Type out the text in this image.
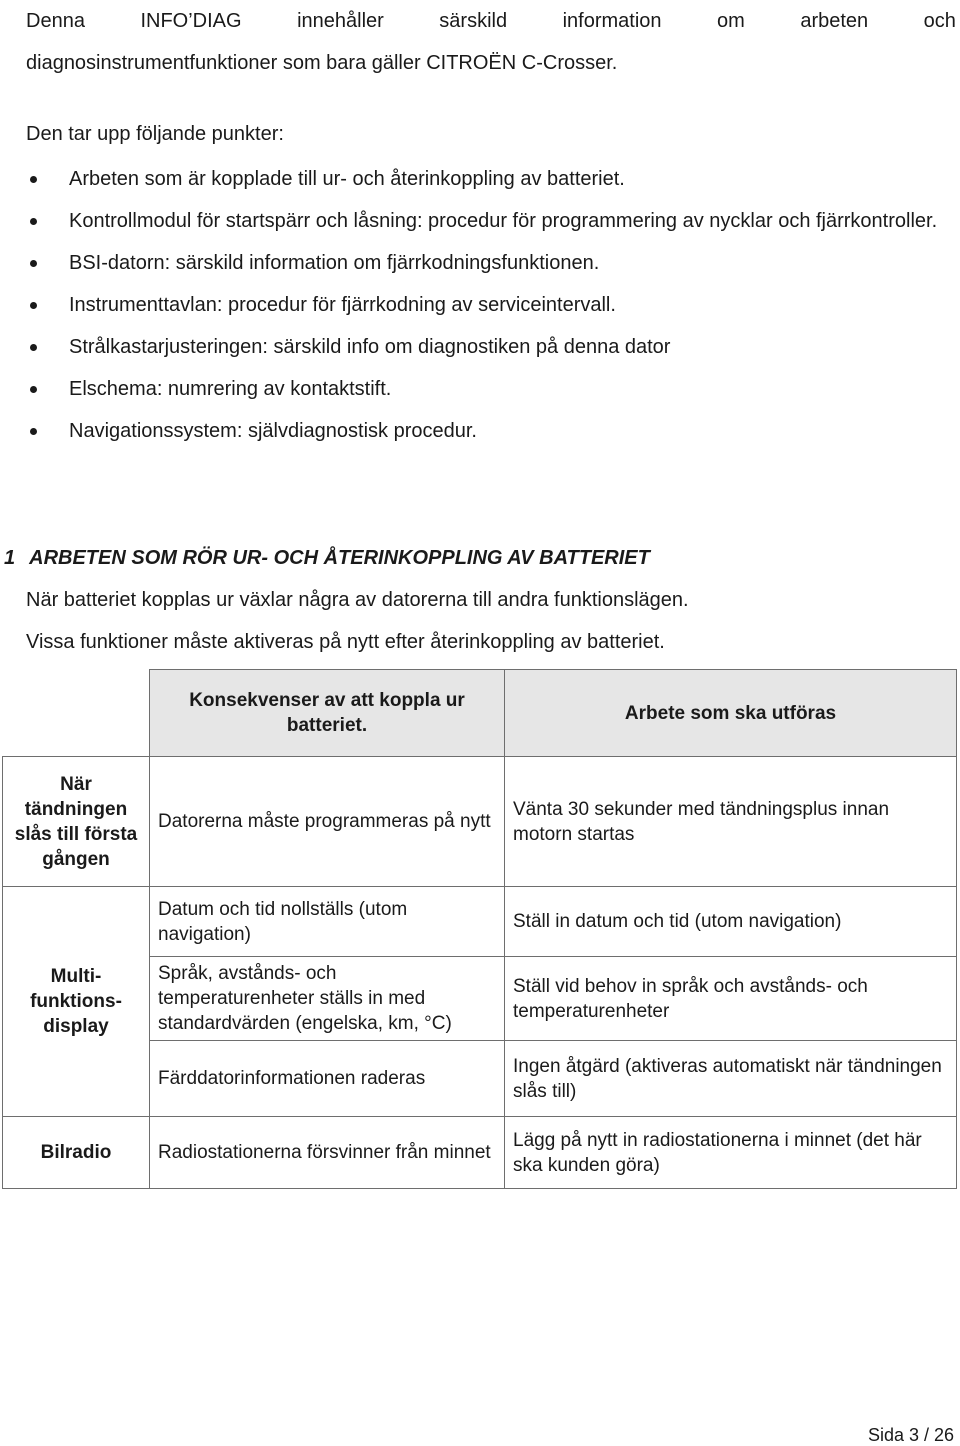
Denna	INFO’DIAG	innehåller	särskild	information	om	arbeten	och
diagnosinstrumentfunktioner som bara gäller CITROËN C-Crosser.
Den tar upp följande punkter:
Arbeten som är kopplade till ur- och återinkoppling av batteriet.
Kontrollmodul för startspärr och låsning: procedur för programmering av nycklar och fjärrkontroller.
BSI-datorn: särskild information om fjärrkodningsfunktionen.
Instrumenttavlan: procedur för fjärrkodning av serviceintervall.
Strålkastarjusteringen: särskild info om diagnostiken på denna dator
Elschema: numrering av kontaktstift.
Navigationssystem: självdiagnostisk procedur.
1 ARBETEN SOM RÖR UR- OCH ÅTERINKOPPLING AV BATTERIET
När batteriet kopplas ur växlar några av datorerna till andra funktionslägen.
Vissa funktioner måste aktiveras på nytt efter återinkoppling av batteriet.
	Konsekvenser av att koppla ur batteriet.	Arbete som ska utföras
När tändningen slås till första gången	Datorerna måste programmeras på nytt	Vänta 30 sekunder med tändningsplus innan motorn startas
Multi-funktions-display	Datum och tid nollställs (utom navigation)	Ställ in datum och tid (utom navigation)
	Språk, avstånds- och temperaturenheter ställs in med standardvärden (engelska, km, °C)	Ställ vid behov in språk och avstånds- och temperaturenheter
	Färddatorinformationen raderas	Ingen åtgärd (aktiveras automatiskt när tändningen slås till)
Bilradio	Radiostationerna försvinner från minnet	Lägg på nytt in radiostationerna i minnet (det här ska kunden göra)
Sida 3 / 26
